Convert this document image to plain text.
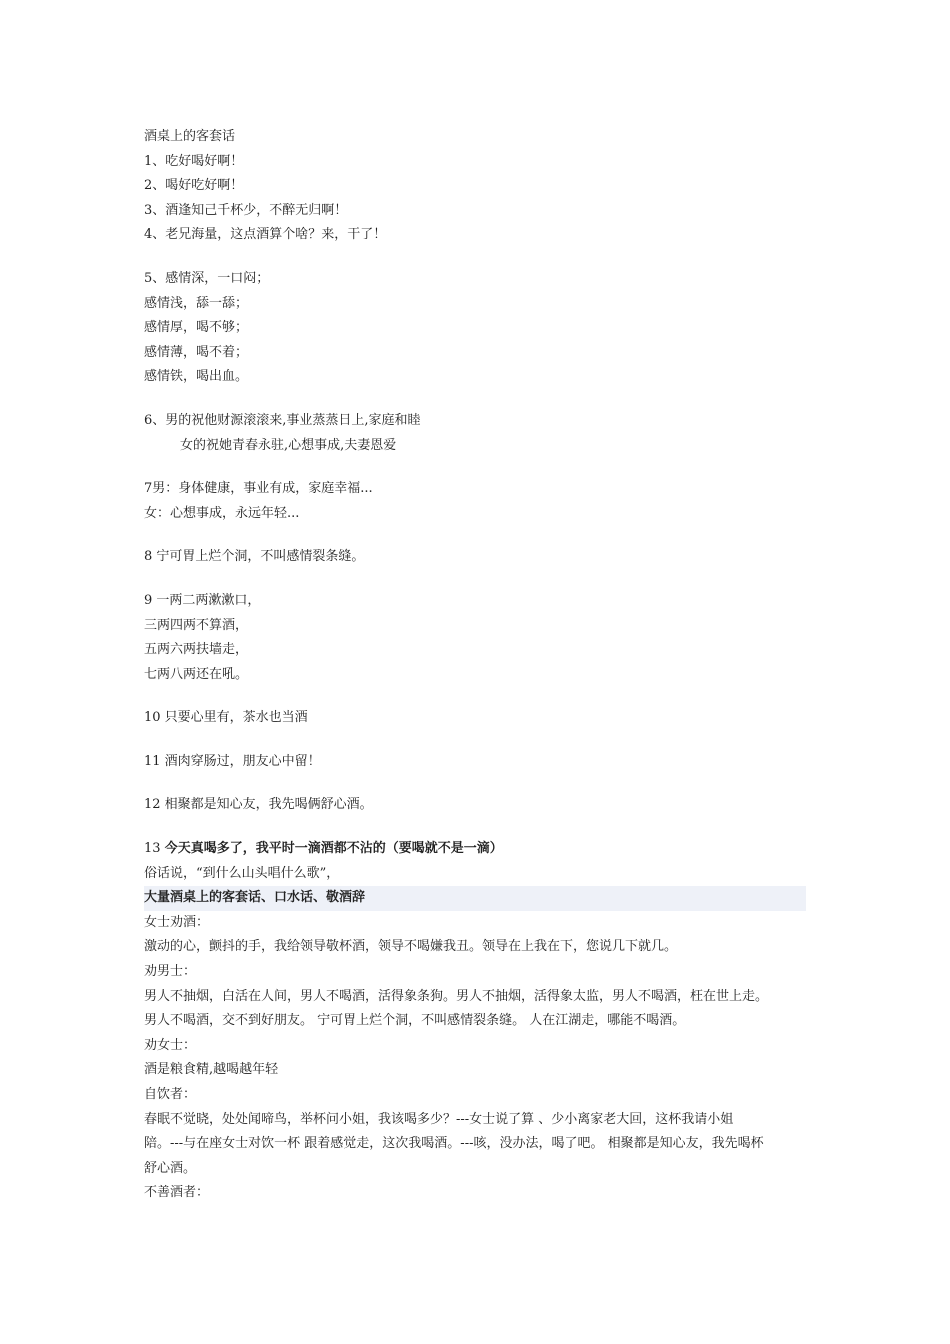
酒桌上的客套话
1、吃好喝好啊！
2、喝好吃好啊！
3、酒逢知己千杯少，不醉无归啊！
4、老兄海量，这点酒算个啥？来，干了！
5、感情深，一口闷；
感情浅，舔一舔；
感情厚，喝不够；
感情薄，喝不着；
感情铁，喝出血。
6、男的祝他财源滚滚来,事业蒸蒸日上,家庭和睦
女的祝她青春永驻,心想事成,夫妻恩爱
7男：身体健康，事业有成，家庭幸福...
女：心想事成，永远年轻...
8 宁可胃上烂个洞，不叫感情裂条缝。
9 一两二两漱漱口，
三两四两不算酒，
五两六两扶墙走，
七两八两还在吼。
10 只要心里有，茶水也当酒
11 酒肉穿肠过，朋友心中留！
12 相聚都是知心友，我先喝俩舒心酒。
13 今天真喝多了，我平时一滴酒都不沾的（要喝就不是一滴）
俗话说，“到什么山头唱什么歌”，
大量酒桌上的客套话、口水话、敬酒辞
女士劝酒：
激动的心，颤抖的手，我给领导敬杯酒，领导不喝嫌我丑。领导在上我在下，您说几下就几。
劝男士：
男人不抽烟，白活在人间，男人不喝酒，活得象条狗。男人不抽烟，活得象太监，男人不喝酒，枉在世上走。
男人不喝酒，交不到好朋友。 宁可胃上烂个洞，不叫感情裂条缝。 人在江湖走，哪能不喝酒。
劝女士：
酒是粮食精,越喝越年轻
自饮者：
春眠不觉晓，处处闻啼鸟，举杯问小姐，我该喝多少？---女士说了算 、少小离家老大回，这杯我请小姐
陪。---与在座女士对饮一杯 跟着感觉走，这次我喝酒。---咳，没办法，喝了吧。 相聚都是知心友，我先喝杯
舒心酒。
不善酒者：
